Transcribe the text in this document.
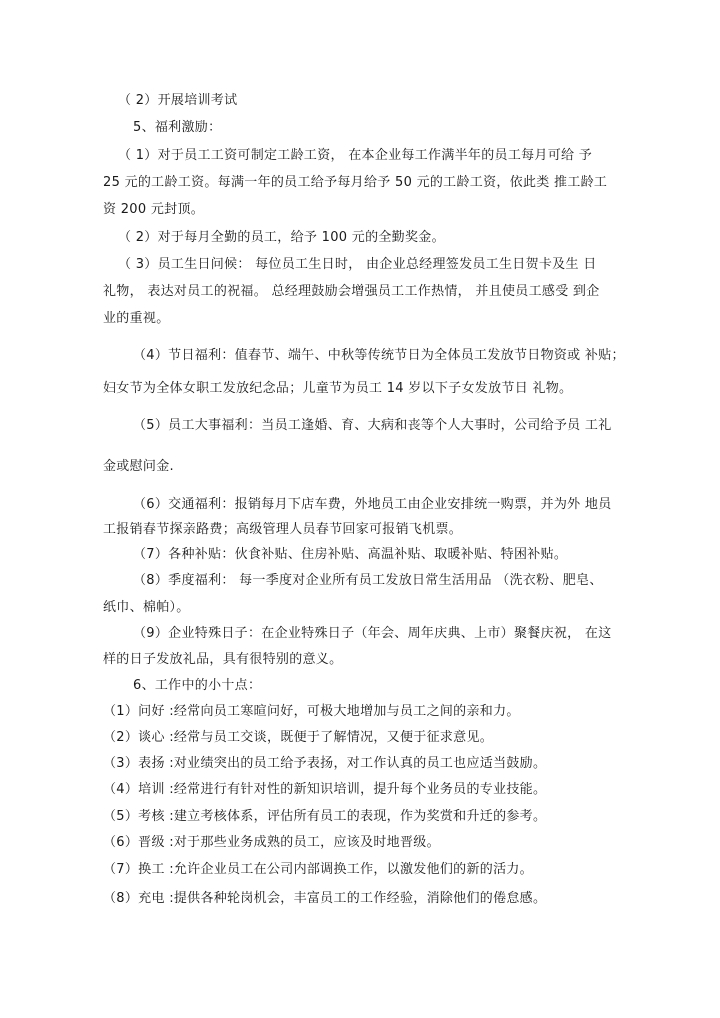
（ 2）开展培训考试
5、福利激励：
（ 1）对于员工工资可制定工龄工资， 在本企业每工作满半年的员工每月可给 予
25 元的工龄工资。每满一年的员工给予每月给予 50 元的工龄工资，依此类 推工龄工
资 200 元封顶。
（ 2）对于每月全勤的员工，给予 100 元的全勤奖金。
（ 3）员工生日问候： 每位员工生日时， 由企业总经理签发员工生日贺卡及生 日
礼物， 表达对员工的祝福。 总经理鼓励会增强员工工作热情， 并且使员工感受 到企
业的重视。
（4）节日福利：值春节、端午、中秋等传统节日为全体员工发放节日物资或 补贴；
妇女节为全体女职工发放纪念品；儿童节为员工 14 岁以下子女发放节日 礼物。
（5）员工大事福利：当员工逢婚、育、大病和丧等个人大事时，公司给予员 工礼
金或慰问金.
（6）交通福利：报销每月下店车费，外地员工由企业安排统一购票，并为外 地员
工报销春节探亲路费；高级管理人员春节回家可报销飞机票。
（7）各种补贴：伙食补贴、住房补贴、高温补贴、取暖补贴、特困补贴。
（8）季度福利： 每一季度对企业所有员工发放日常生活用品 （洗衣粉、肥皂、
纸巾、棉帕）。
（9）企业特殊日子：在企业特殊日子（年会、周年庆典、上市）聚餐庆祝， 在这
样的日子发放礼品，具有很特别的意义。
6、工作中的小十点：
（1）问好 :经常向员工寒暄问好，可极大地增加与员工之间的亲和力。
（2）谈心 :经常与员工交谈，既便于了解情况，又便于征求意见。
（3）表扬 :对业绩突出的员工给予表扬，对工作认真的员工也应适当鼓励。
（4）培训 :经常进行有针对性的新知识培训，提升每个业务员的专业技能。
（5）考核 :建立考核体系，评估所有员工的表现，作为奖赏和升迁的参考。
（6）晋级 :对于那些业务成熟的员工，应该及时地晋级。
（7）换工 :允许企业员工在公司内部调换工作，以激发他们的新的活力。
（8）充电 :提供各种轮岗机会，丰富员工的工作经验，消除他们的倦怠感。
